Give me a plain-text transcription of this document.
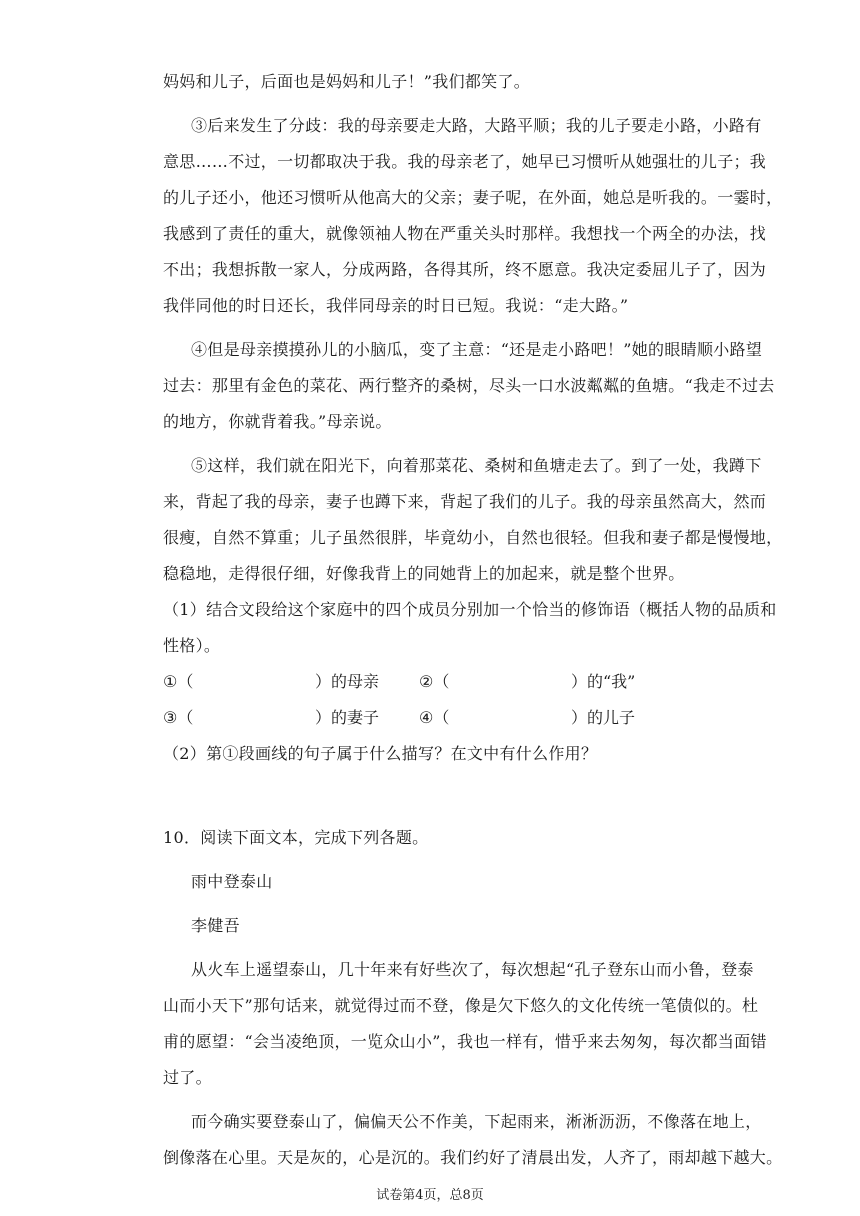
妈妈和儿子，后面也是妈妈和儿子！”我们都笑了。
③后来发生了分歧：我的母亲要走大路，大路平顺；我的儿子要走小路，小路有
意思……不过，一切都取决于我。我的母亲老了，她早已习惯听从她强壮的儿子；我
的儿子还小，他还习惯听从他高大的父亲；妻子呢，在外面，她总是听我的。一霎时，
我感到了责任的重大，就像领袖人物在严重关头时那样。我想找一个两全的办法，找
不出；我想拆散一家人，分成两路，各得其所，终不愿意。我决定委屈儿子了，因为
我伴同他的时日还长，我伴同母亲的时日已短。我说：“走大路。”
④但是母亲摸摸孙儿的小脑瓜，变了主意：“还是走小路吧！”她的眼睛顺小路望
过去：那里有金色的菜花、两行整齐的桑树，尽头一口水波粼粼的鱼塘。“我走不过去
的地方，你就背着我。”母亲说。
⑤这样，我们就在阳光下，向着那菜花、桑树和鱼塘走去了。到了一处，我蹲下
来，背起了我的母亲，妻子也蹲下来，背起了我们的儿子。我的母亲虽然高大，然而
很瘦，自然不算重；儿子虽然很胖，毕竟幼小，自然也很轻。但我和妻子都是慢慢地，
稳稳地，走得很仔细，好像我背上的同她背上的加起来，就是整个世界。
（1）结合文段给这个家庭中的四个成员分别加一个恰当的修饰语（概括人物的品质和
性格）。
①（	）的母亲 ②（	）的“我”
③（	）的妻子 ④（	）的儿子
（2）第①段画线的句子属于什么描写？在文中有什么作用？
10．阅读下面文本，完成下列各题。
雨中登泰山
李健吾
从火车上遥望泰山，几十年来有好些次了，每次想起“孔子登东山而小鲁，登泰
山而小天下”那句话来，就觉得过而不登，像是欠下悠久的文化传统一笔债似的。杜
甫的愿望：“会当凌绝顶，一览众山小”，我也一样有，惜乎来去匆匆，每次都当面错
过了。
而今确实要登泰山了，偏偏天公不作美，下起雨来，淅淅沥沥，不像落在地上，
倒像落在心里。天是灰的，心是沉的。我们约好了清晨出发，人齐了，雨却越下越大。
试卷第4页，总8页
